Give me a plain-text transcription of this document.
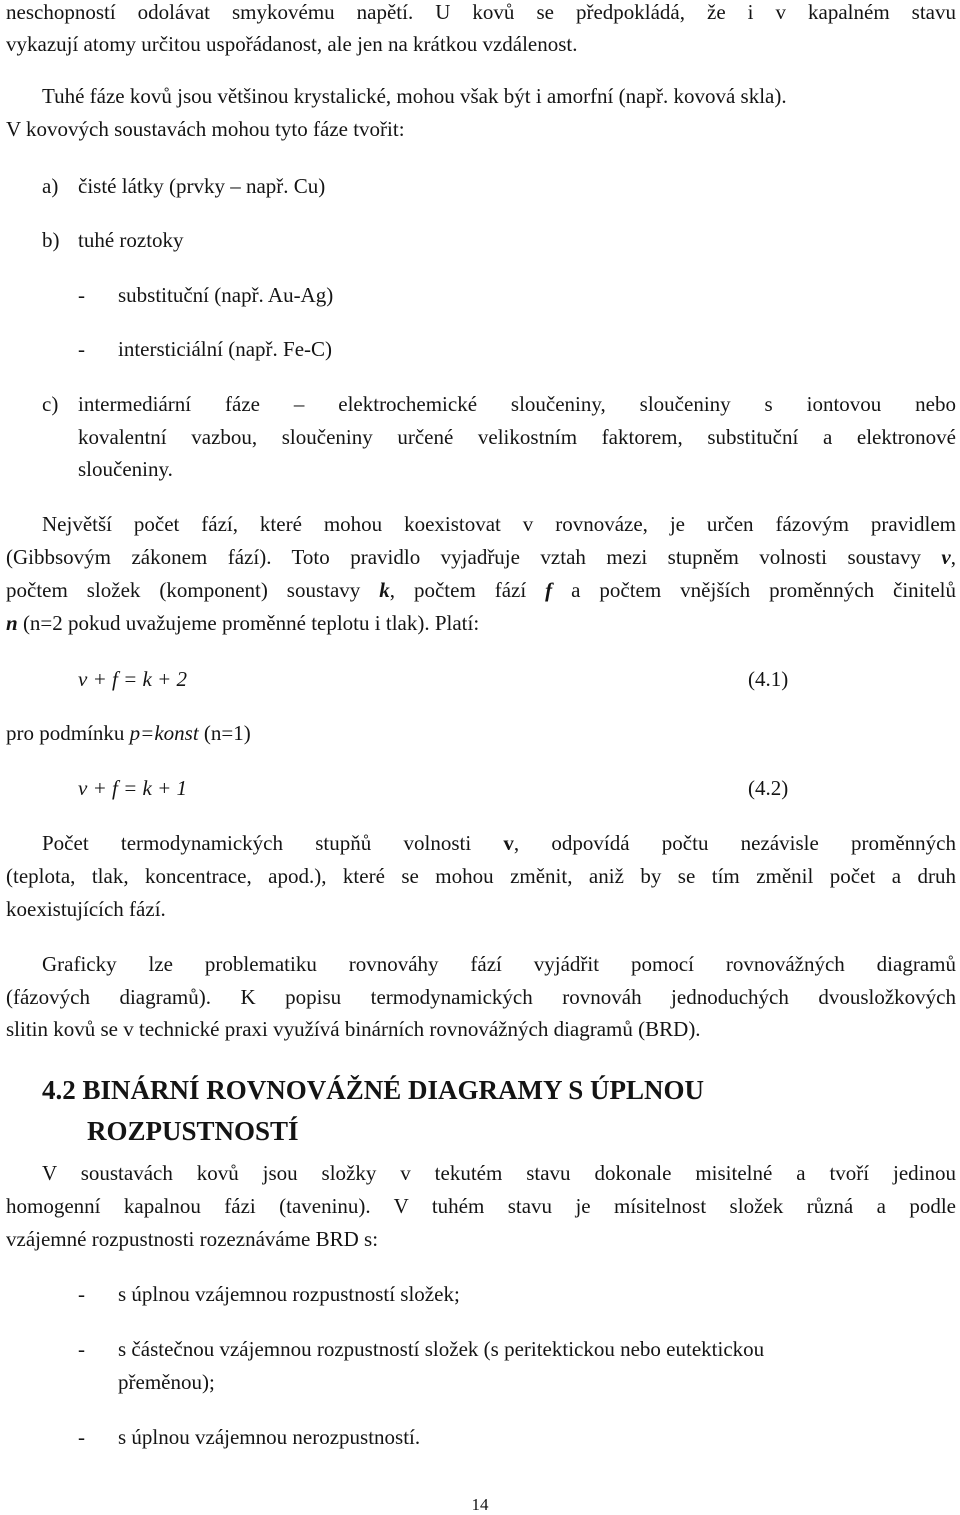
neschopností odolávat smykovému napětí. U kovů se předpokládá, že i v kapalném stavu
vykazují atomy určitou uspořádanost, ale jen na krátkou vzdálenost.
Tuhé fáze kovů jsou většinou krystalické, mohou však být i amorfní (např. kovová skla).
V kovových soustavách mohou tyto fáze tvořit:
a) čisté látky (prvky – např. Cu)
b) tuhé roztoky
- substituční (např. Au-Ag)
- intersticiální (např. Fe-C)
c) intermediární fáze – elektrochemické sloučeniny, sloučeniny s iontovou nebo
kovalentní vazbou, sloučeniny určené velikostním faktorem, substituční a elektronové
sloučeniny.
Největší počet fází, které mohou koexistovat v rovnováze, je určen fázovým pravidlem
(Gibbsovým zákonem fází). Toto pravidlo vyjadřuje vztah mezi stupněm volnosti soustavy v,
počtem složek (komponent) soustavy k, počtem fází f a počtem vnějších proměnných činitelů
n (n=2 pokud uvažujeme proměnné teplotu i tlak). Platí:
v + f = k + 2	(4.1)
pro podmínku p=konst (n=1)
v + f = k + 1	(4.2)
Počet termodynamických stupňů volnosti v, odpovídá počtu nezávisle proměnných
(teplota, tlak, koncentrace, apod.), které se mohou změnit, aniž by se tím změnil počet a druh
koexistujících fází.
Graficky lze problematiku rovnováhy fází vyjádřit pomocí rovnovážných diagramů
(fázových diagramů). K popisu termodynamických rovnováh jednoduchých dvousložkových
slitin kovů se v technické praxi využívá binárních rovnovážných diagramů (BRD).
4.2 BINÁRNÍ ROVNOVÁŽNÉ DIAGRAMY S ÚPLNOU
ROZPUSTNOSTÍ
V soustavách kovů jsou složky v tekutém stavu dokonale misitelné a tvoří jedinou
homogenní kapalnou fázi (taveninu). V tuhém stavu je mísitelnost složek různá a podle
vzájemné rozpustnosti rozeznáváme BRD s:
- s úplnou vzájemnou rozpustností složek;
- s částečnou vzájemnou rozpustností složek (s peritektickou nebo eutektickou
přeměnou);
- s úplnou vzájemnou nerozpustností.
14
